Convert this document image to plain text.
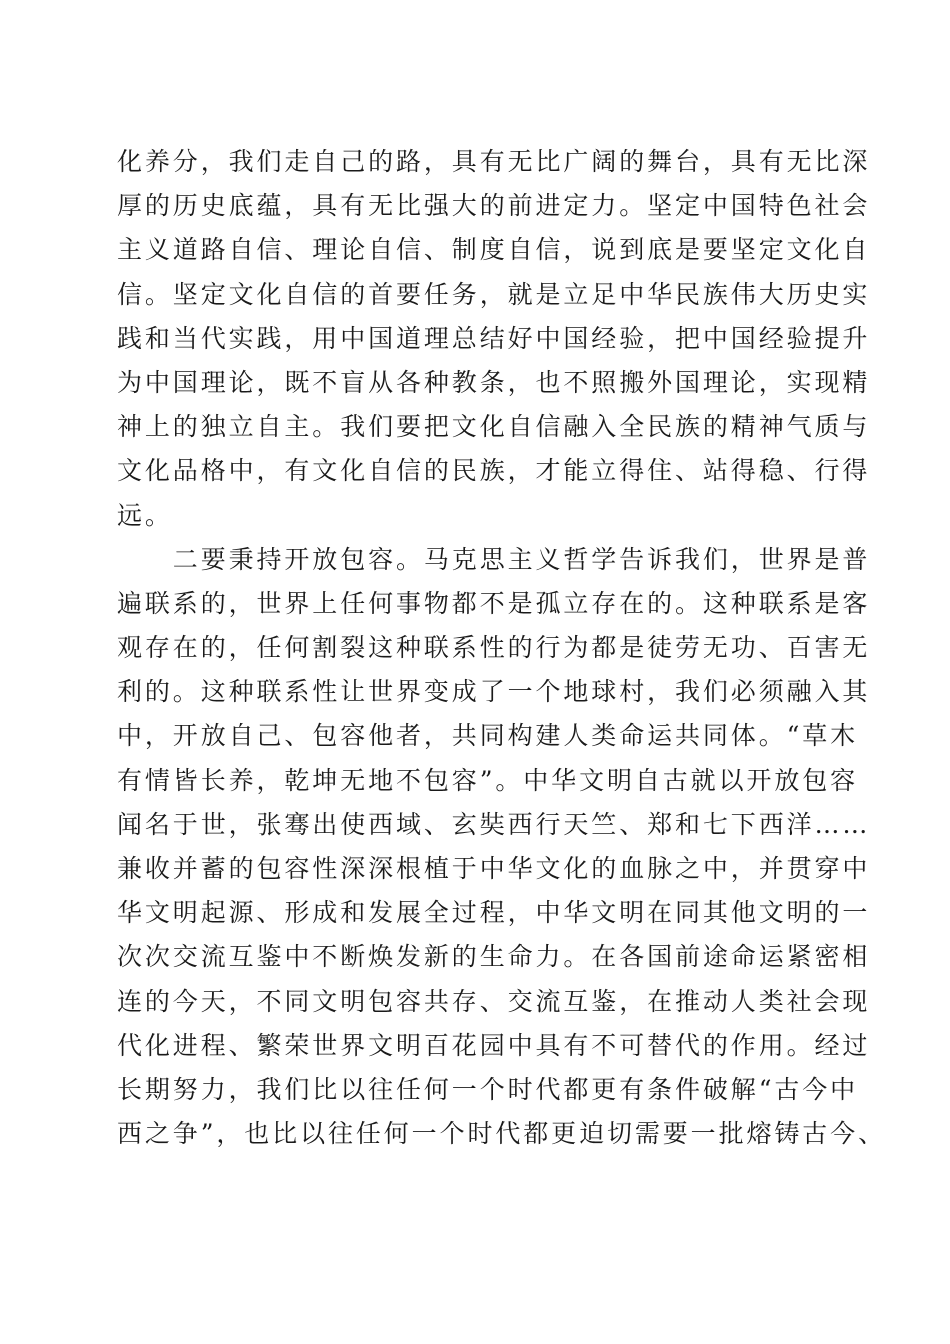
化养分，我们走自己的路，具有无比广阔的舞台，具有无比深
厚的历史底蕴，具有无比强大的前进定力。坚定中国特色社会
主义道路自信、理论自信、制度自信，说到底是要坚定文化自
信。坚定文化自信的首要任务，就是立足中华民族伟大历史实
践和当代实践，用中国道理总结好中国经验，把中国经验提升
为中国理论，既不盲从各种教条，也不照搬外国理论，实现精
神上的独立自主。我们要把文化自信融入全民族的精神气质与
文化品格中，有文化自信的民族，才能立得住、站得稳、行得
远。
　　二要秉持开放包容。马克思主义哲学告诉我们，世界是普
遍联系的，世界上任何事物都不是孤立存在的。这种联系是客
观存在的，任何割裂这种联系性的行为都是徒劳无功、百害无
利的。这种联系性让世界变成了一个地球村，我们必须融入其
中，开放自己、包容他者，共同构建人类命运共同体。“草木
有情皆长养，乾坤无地不包容”。中华文明自古就以开放包容
闻名于世，张骞出使西域、玄奘西行天竺、郑和七下西洋……
兼收并蓄的包容性深深根植于中华文化的血脉之中，并贯穿中
华文明起源、形成和发展全过程，中华文明在同其他文明的一
次次交流互鉴中不断焕发新的生命力。在各国前途命运紧密相
连的今天，不同文明包容共存、交流互鉴，在推动人类社会现
代化进程、繁荣世界文明百花园中具有不可替代的作用。经过
长期努力，我们比以往任何一个时代都更有条件破解“古今中
西之争”，也比以往任何一个时代都更迫切需要一批熔铸古今、
